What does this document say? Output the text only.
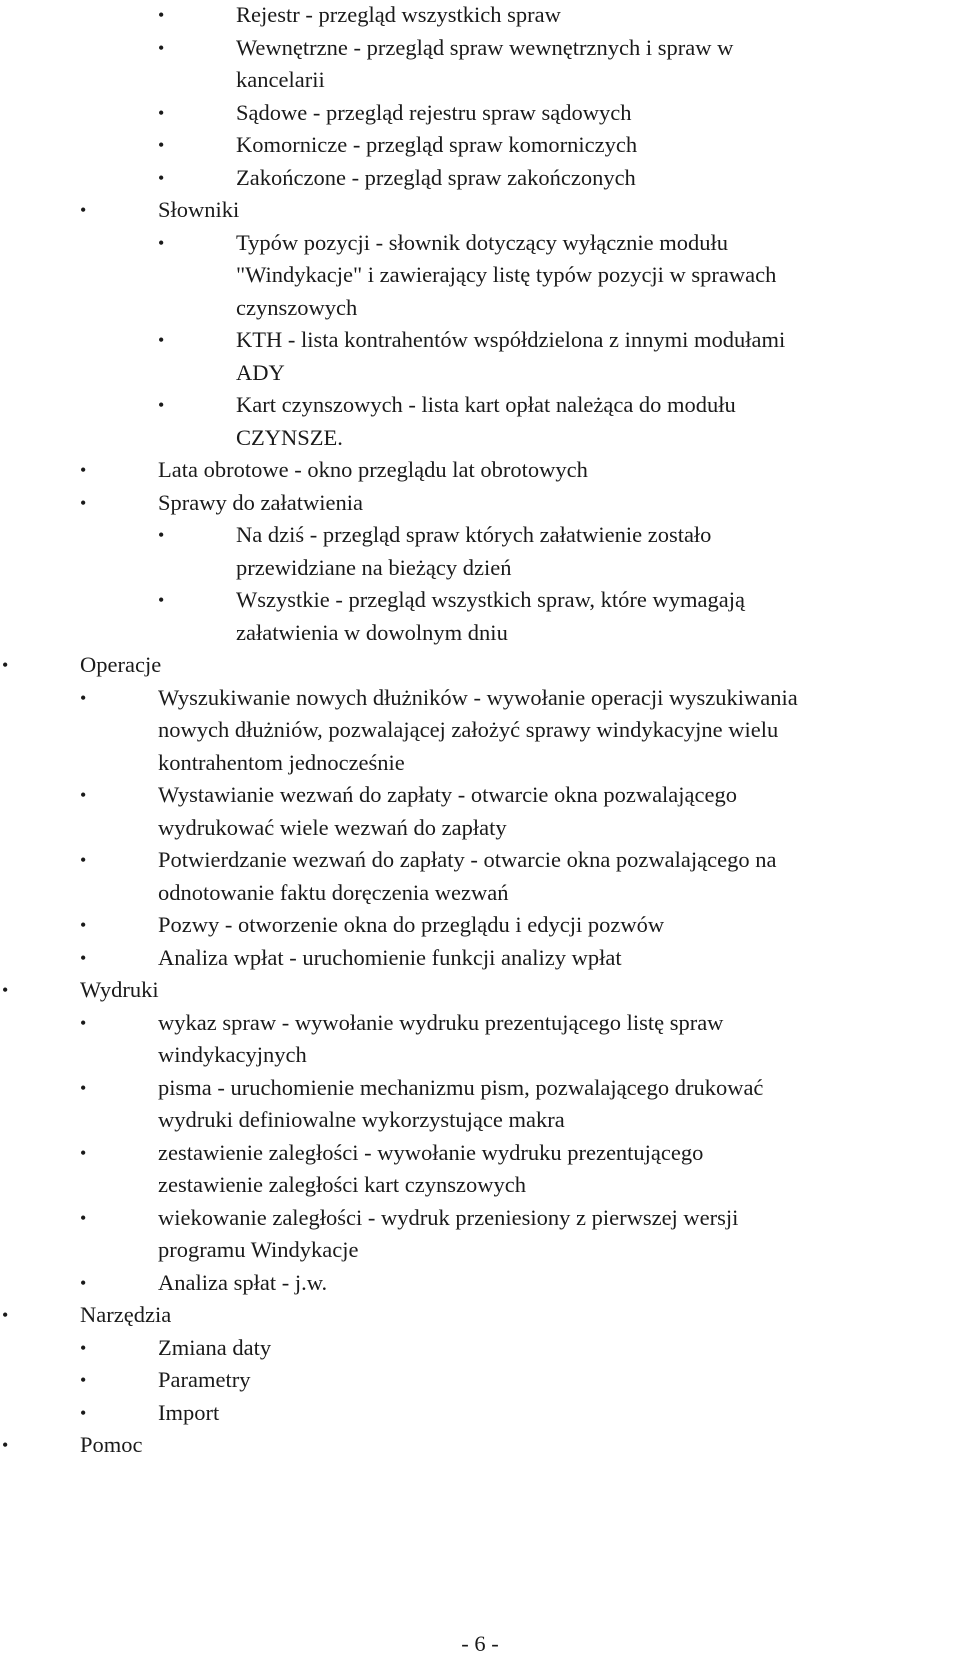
•	Rejestr - przegląd wszystkich spraw
•	Wewnętrzne - przegląd spraw wewnętrznych i spraw w
kancelarii
•	Sądowe - przegląd rejestru spraw sądowych
•	Komornicze - przegląd spraw komorniczych
•	Zakończone - przegląd spraw zakończonych
•	Słowniki
•	Typów pozycji - słownik dotyczący wyłącznie modułu
"Windykacje" i zawierający listę typów pozycji w sprawach
czynszowych
•	KTH - lista kontrahentów współdzielona z innymi modułami
ADY
•	Kart czynszowych - lista kart opłat należąca do modułu
CZYNSZE.
•	Lata obrotowe - okno przeglądu lat obrotowych
•	Sprawy do załatwienia
•	Na dziś - przegląd spraw których załatwienie zostało
przewidziane na bieżący dzień
•	Wszystkie - przegląd wszystkich spraw, które wymagają
załatwienia w dowolnym dniu
•	Operacje
•	Wyszukiwanie nowych dłużników - wywołanie operacji wyszukiwania
nowych dłużniów, pozwalającej założyć sprawy windykacyjne wielu
kontrahentom jednocześnie
•	Wystawianie wezwań do zapłaty - otwarcie okna pozwalającego
wydrukować wiele wezwań do zapłaty
•	Potwierdzanie wezwań do zapłaty - otwarcie okna pozwalającego na
odnotowanie faktu doręczenia wezwań
•	Pozwy - otworzenie okna do przeglądu i edycji pozwów
•	Analiza wpłat - uruchomienie funkcji analizy wpłat
•	Wydruki
•	wykaz spraw - wywołanie wydruku prezentującego listę spraw
windykacyjnych
•	pisma - uruchomienie mechanizmu pism, pozwalającego drukować
wydruki definiowalne wykorzystujące makra
•	zestawienie zaległości - wywołanie wydruku prezentującego
zestawienie zaległości kart czynszowych
•	wiekowanie zaległości - wydruk przeniesiony z pierwszej wersji
programu Windykacje
•	Analiza spłat - j.w.
•	Narzędzia
•	Zmiana daty
•	Parametry
•	Import
•	Pomoc
- 6 -
